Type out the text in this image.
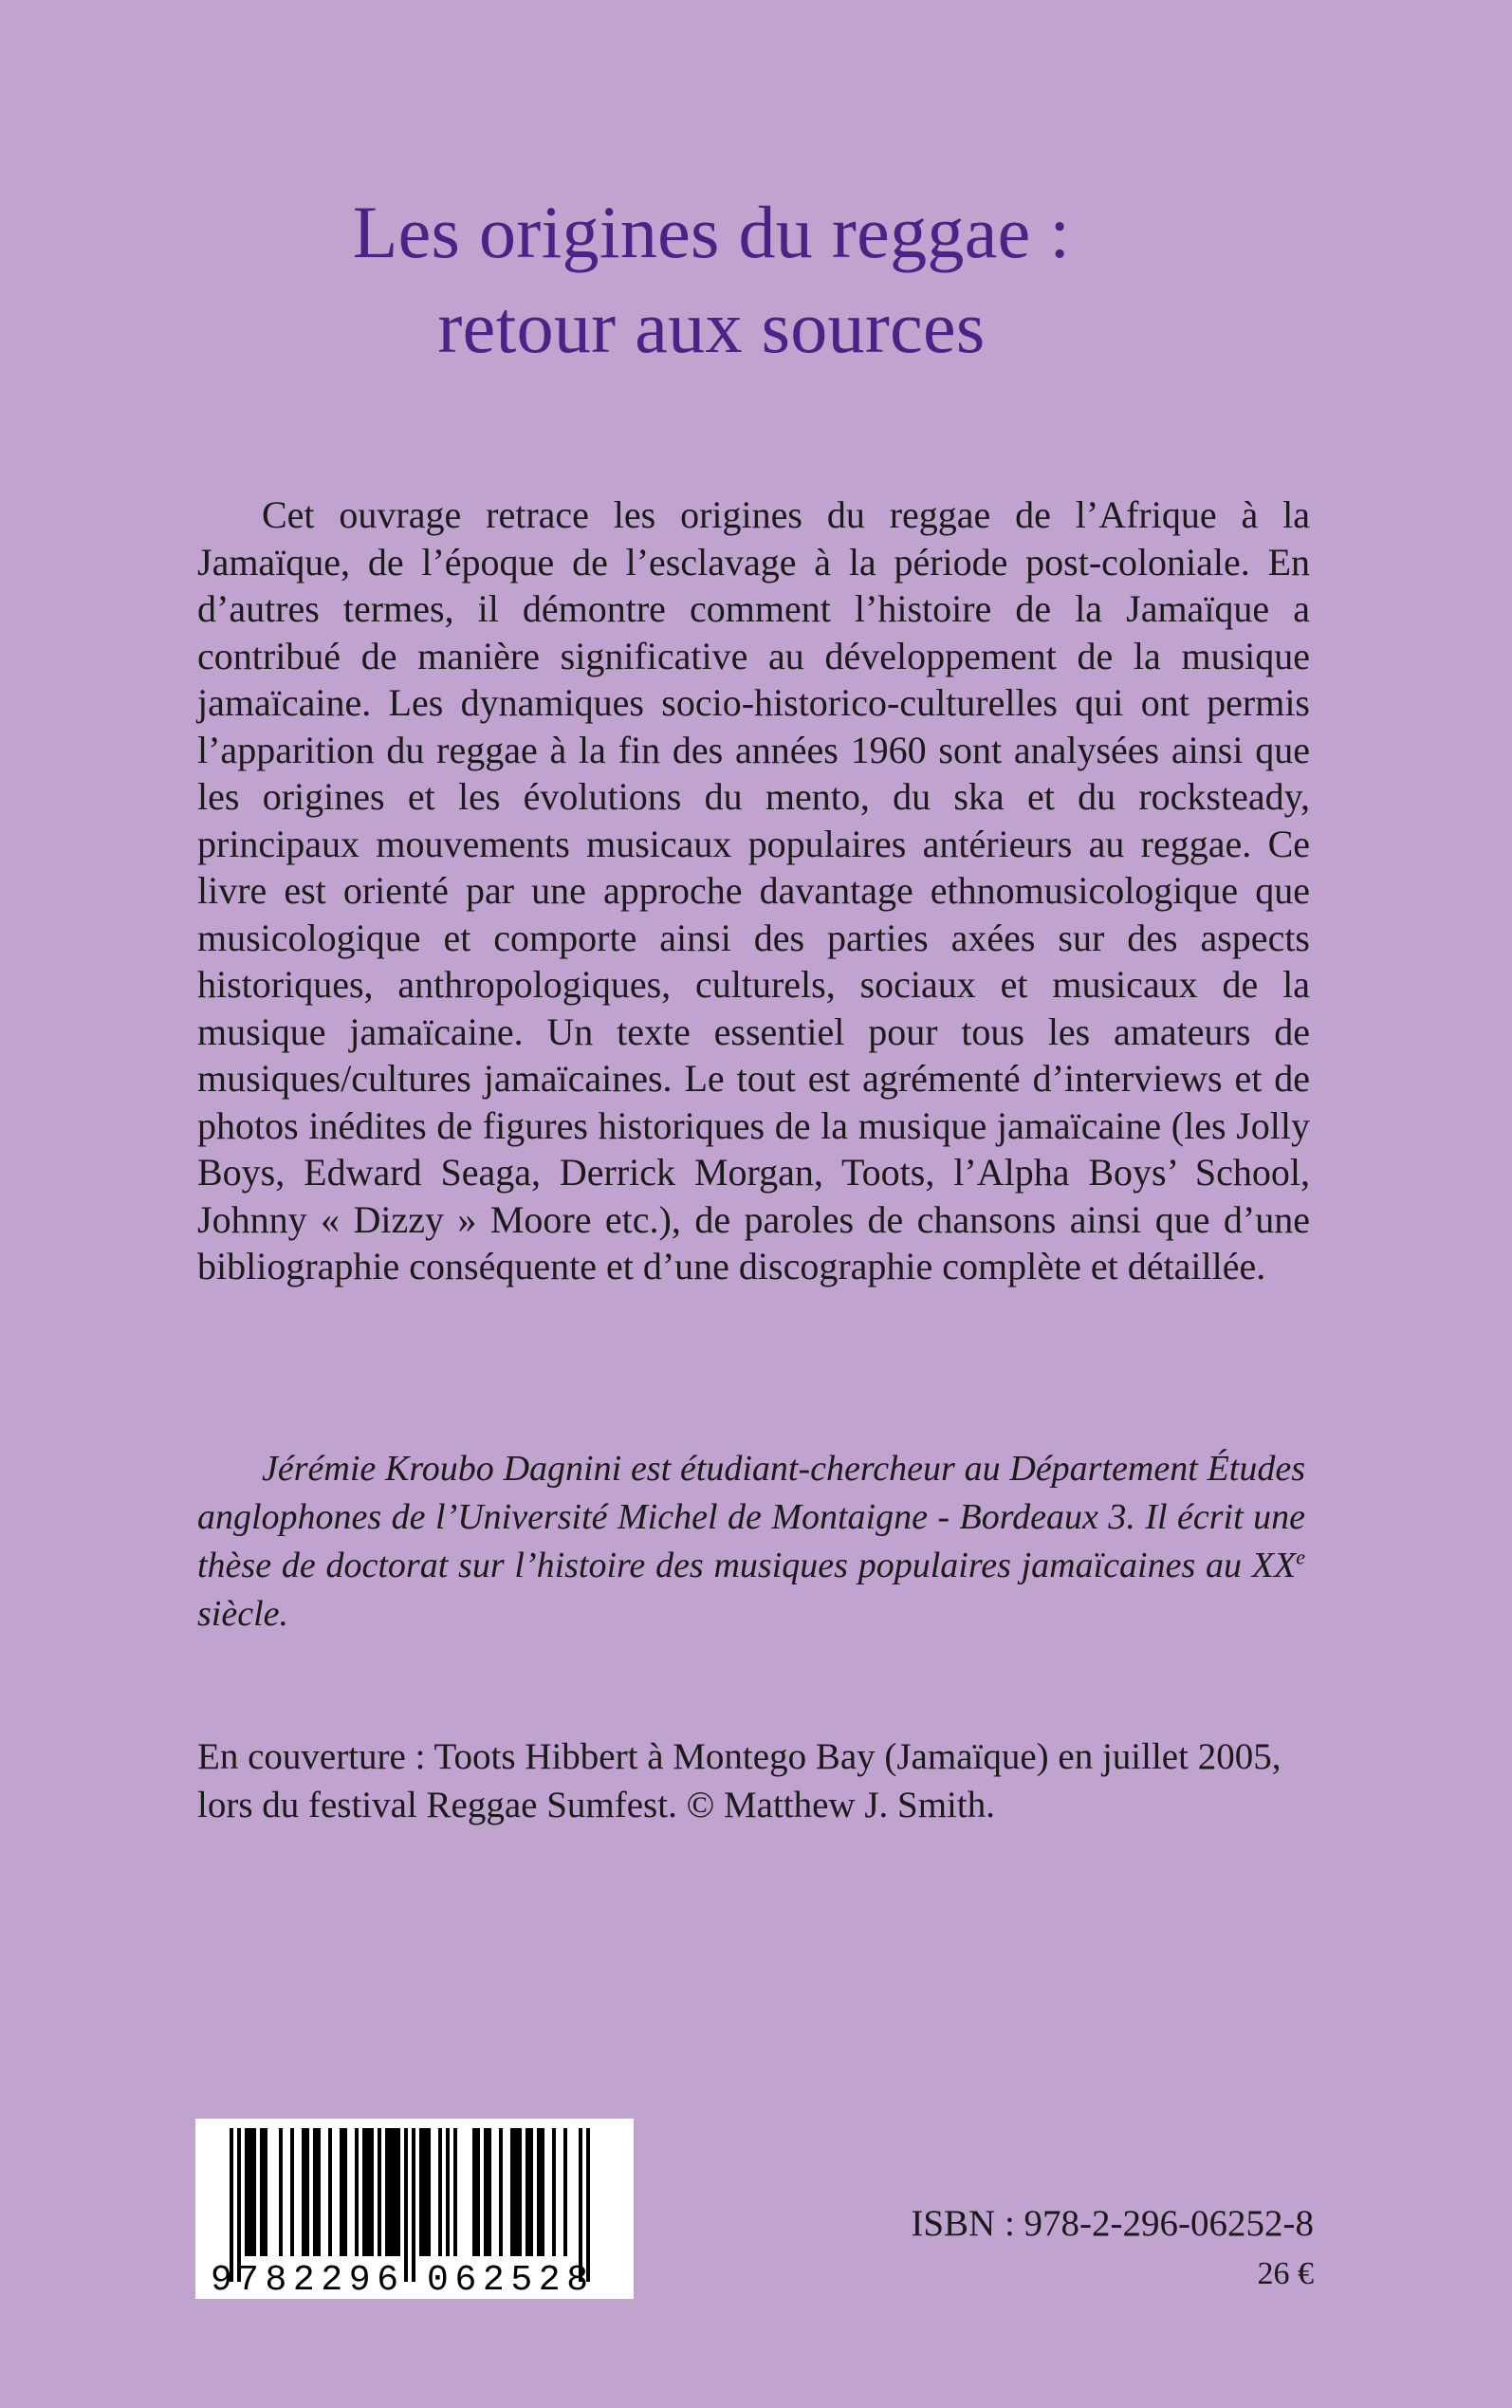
Les origines du reggae :
retour aux sources

Cet ouvrage retrace les origines du reggae de l’Afrique à la Jamaïque, de l’époque de l’esclavage à la période post-coloniale. En d’autres termes, il démontre comment l’histoire de la Jamaïque a contribué de manière significative au développement de la musique jamaïcaine. Les dynamiques socio-historico-culturelles qui ont permis l’apparition du reggae à la fin des années 1960 sont analysées ainsi que les origines et les évolutions du mento, du ska et du rocksteady, principaux mouvements musicaux populaires antérieurs au reggae. Ce livre est orienté par une approche davantage ethnomusicologique que musicologique et comporte ainsi des parties axées sur des aspects historiques, anthropologiques, culturels, sociaux et musicaux de la musique jamaïcaine. Un texte essentiel pour tous les amateurs de musiques/cultures jamaïcaines. Le tout est agrémenté d’interviews et de photos inédites de figures historiques de la musique jamaïcaine (les Jolly Boys, Edward Seaga, Derrick Morgan, Toots, l’Alpha Boys’ School, Johnny « Dizzy » Moore etc.), de paroles de chansons ainsi que d’une bibliographie conséquente et d’une discographie complète et détaillée.

Jérémie Kroubo Dagnini est étudiant-chercheur au Département Études anglophones de l’Université Michel de Montaigne - Bordeaux 3. Il écrit une thèse de doctorat sur l’histoire des musiques populaires jamaïcaines au XXe siècle.

En couverture : Toots Hibbert à Montego Bay (Jamaïque) en juillet 2005, lors du festival Reggae Sumfest. © Matthew J. Smith.

9 782296 062528
ISBN : 978-2-296-06252-8
26 €
